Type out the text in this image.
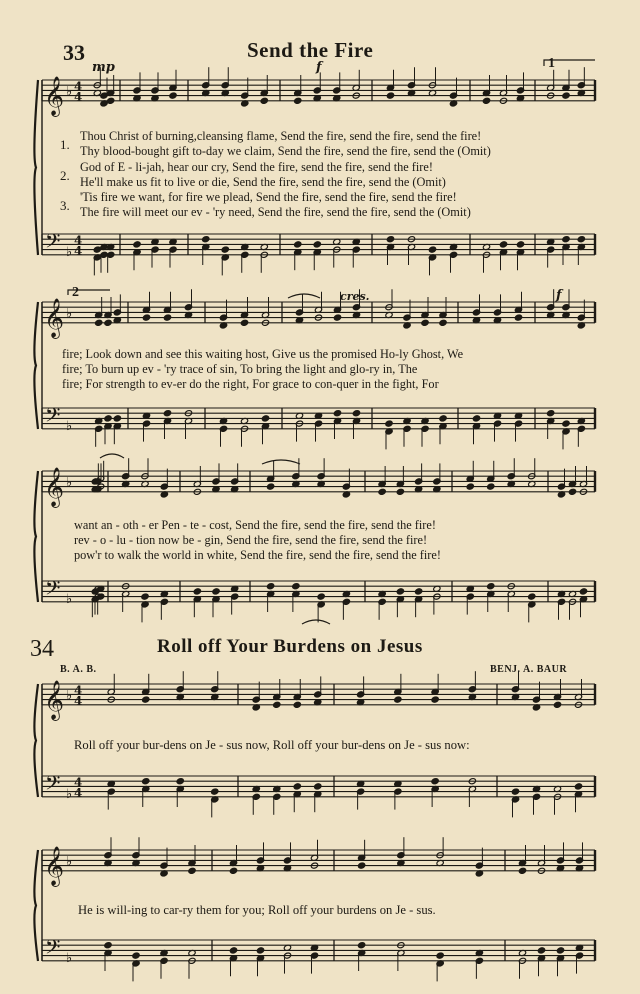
𝄞 ♭ 4
4
𝄢 ♭
4
4
𝄞 ♭
𝄢 ♭
𝄞 ♭
𝄢 ♭
𝄞 ♭ 4
4
𝄢 ♭
4
4
𝄞 ♭
𝄢 ♭
33	Send the Fire
mp	f
cres.	f
1
2
1.
2.
3.
Thou Christ of burning,cleansing flame, Send the fire, send the fire, send the fire!
Thy blood-bought gift to-day we claim, Send the fire, send the fire, send the (Omit)
God of E - li-jah, hear our cry, Send the fire, send the fire, send the fire!
He'll make us fit to live or die, Send the fire, send the fire, send the (Omit)
'Tis fire we want, for fire we plead, Send the fire, send the fire, send the fire!
The fire will meet our ev - 'ry need, Send the fire, send the fire, send the (Omit)
fire; Look down and see this waiting host, Give us the promised Ho-ly Ghost, We
fire; To burn up ev - 'ry trace of sin, To bring the light and glo-ry in, The
fire; For strength to ev-er do the right, For grace to con-quer in the fight, For
want an - oth - er Pen - te - cost, Send the fire, send the fire, send the fire!
rev - o - lu - tion now be - gin, Send the fire, send the fire, send the fire!
pow'r to walk the world in white, Send the fire, send the fire, send the fire!
34	Roll off Your Burdens on Jesus
B. A. B.	BENJ. A. BAUR
Roll off your bur-dens on Je - sus now, Roll off your bur-dens on Je - sus now:
He is will-ing to car-ry them for you; Roll off your burdens on Je - sus.
